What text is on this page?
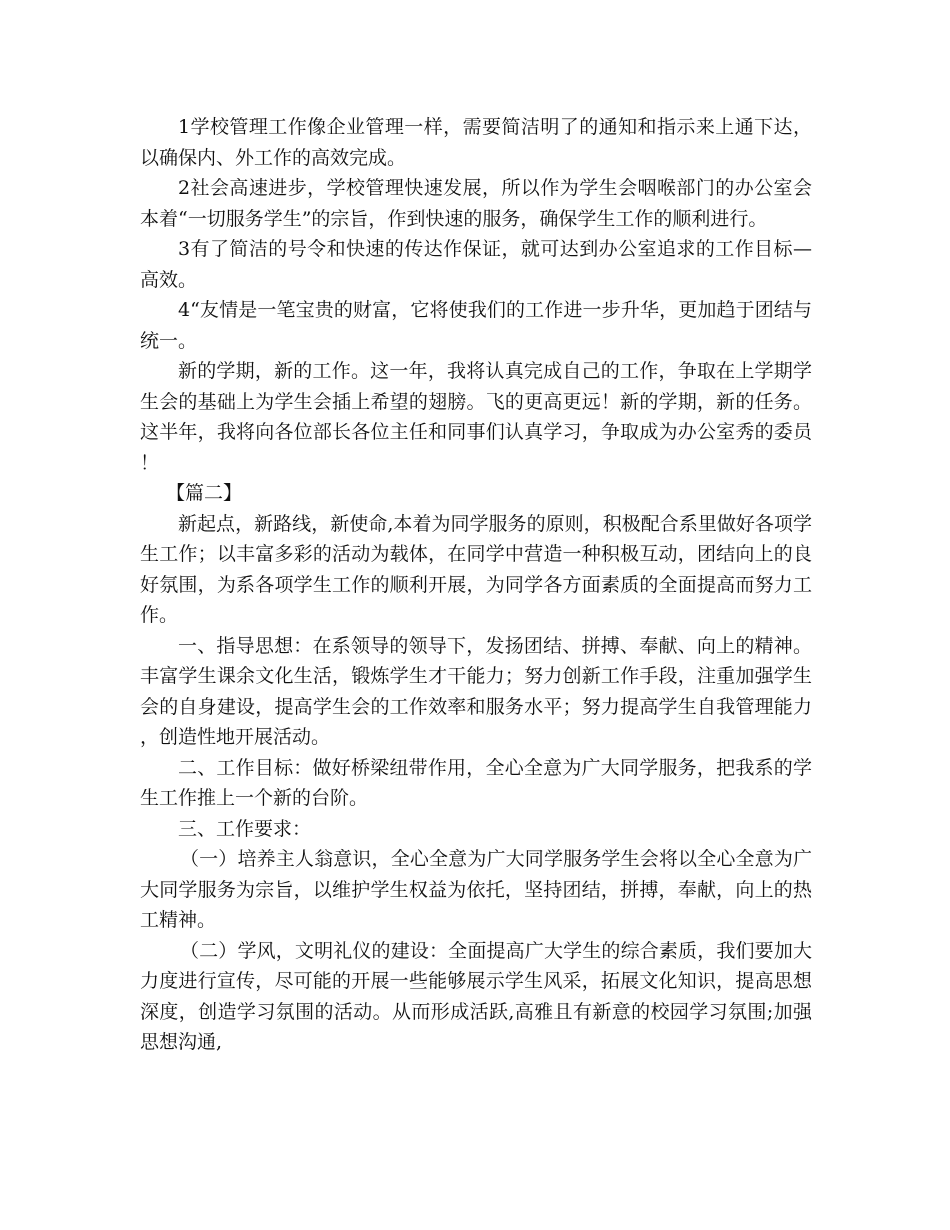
1学校管理工作像企业管理一样，需要简洁明了的通知和指示来上通下达，以确保内、外工作的高效完成。

2社会高速进步，学校管理快速发展，所以作为学生会咽喉部门的办公室会本着“一切服务学生”的宗旨，作到快速的服务，确保学生工作的顺利进行。

3有了简洁的号令和快速的传达作保证，就可达到办公室追求的工作目标—高效。

4“友情是一笔宝贵的财富，它将使我们的工作进一步升华，更加趋于团结与统一。

新的学期，新的工作。这一年，我将认真完成自己的工作，争取在上学期学生会的基础上为学生会插上希望的翅膀。飞的更高更远！新的学期，新的任务。这半年，我将向各位部长各位主任和同事们认真学习，争取成为办公室秀的委员！

【篇二】

新起点，新路线，新使命,本着为同学服务的原则，积极配合系里做好各项学生工作；以丰富多彩的活动为载体，在同学中营造一种积极互动，团结向上的良好氛围，为系各项学生工作的顺利开展，为同学各方面素质的全面提高而努力工作。

一、指导思想：在系领导的领导下，发扬团结、拼搏、奉献、向上的精神。丰富学生课余文化生活，锻炼学生才干能力；努力创新工作手段，注重加强学生会的自身建设，提高学生会的工作效率和服务水平；努力提高学生自我管理能力，创造性地开展活动。

二、工作目标：做好桥梁纽带作用，全心全意为广大同学服务，把我系的学生工作推上一个新的台阶。

三、工作要求：

（一）培养主人翁意识，全心全意为广大同学服务学生会将以全心全意为广大同学服务为宗旨，以维护学生权益为依托，坚持团结，拼搏，奉献，向上的热工精神。

（二）学风，文明礼仪的建设：全面提高广大学生的综合素质，我们要加大力度进行宣传，尽可能的开展一些能够展示学生风采，拓展文化知识，提高思想深度，创造学习氛围的活动。从而形成活跃,高雅且有新意的校园学习氛围;加强思想沟通,
